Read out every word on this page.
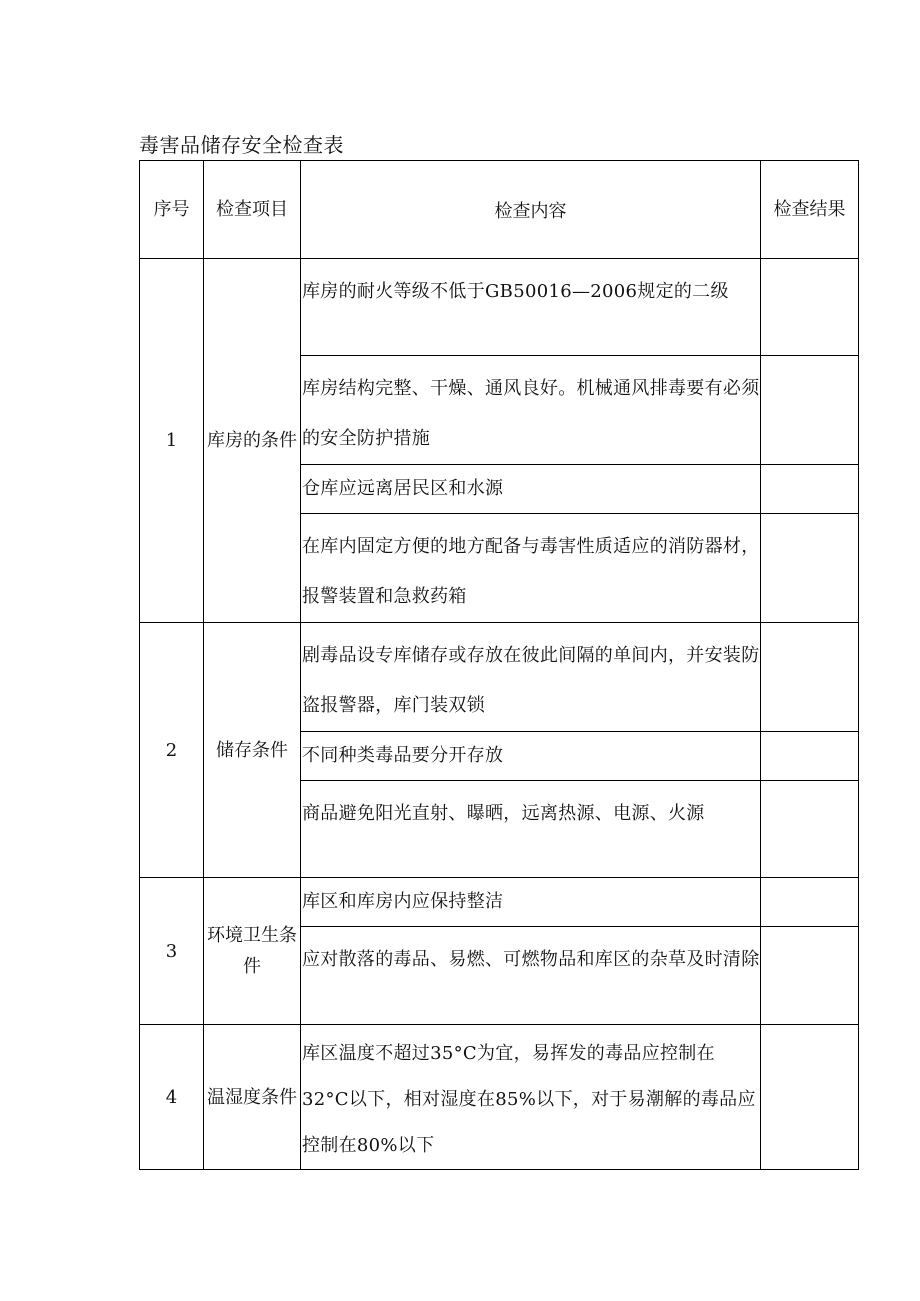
毒害品储存安全检查表
序号	检查项目	检查内容	检查结果
1	库房的条件	库房的耐火等级不低于GB50016—2006规定的二级	

		库房结构完整、干燥、通风良好。机械通风排毒要有必须的安全防护措施	

		仓库应远离居民区和水源	

		在库内固定方便的地方配备与毒害性质适应的消防器材，报警装置和急救药箱	

2	储存条件	剧毒品设专库储存或存放在彼此间隔的单间内，并安装防盗报警器，库门装双锁	

		不同种类毒品要分开存放	

		商品避免阳光直射、曝晒，远离热源、电源、火源	

3	环境卫生条件	库区和库房内应保持整洁	

		应对散落的毒品、易燃、可燃物品和库区的杂草及时清除	

4	温湿度条件	库区温度不超过35°C为宜，易挥发的毒品应控制在32°C以下，相对湿度在85%以下，对于易潮解的毒品应控制在80%以下	
